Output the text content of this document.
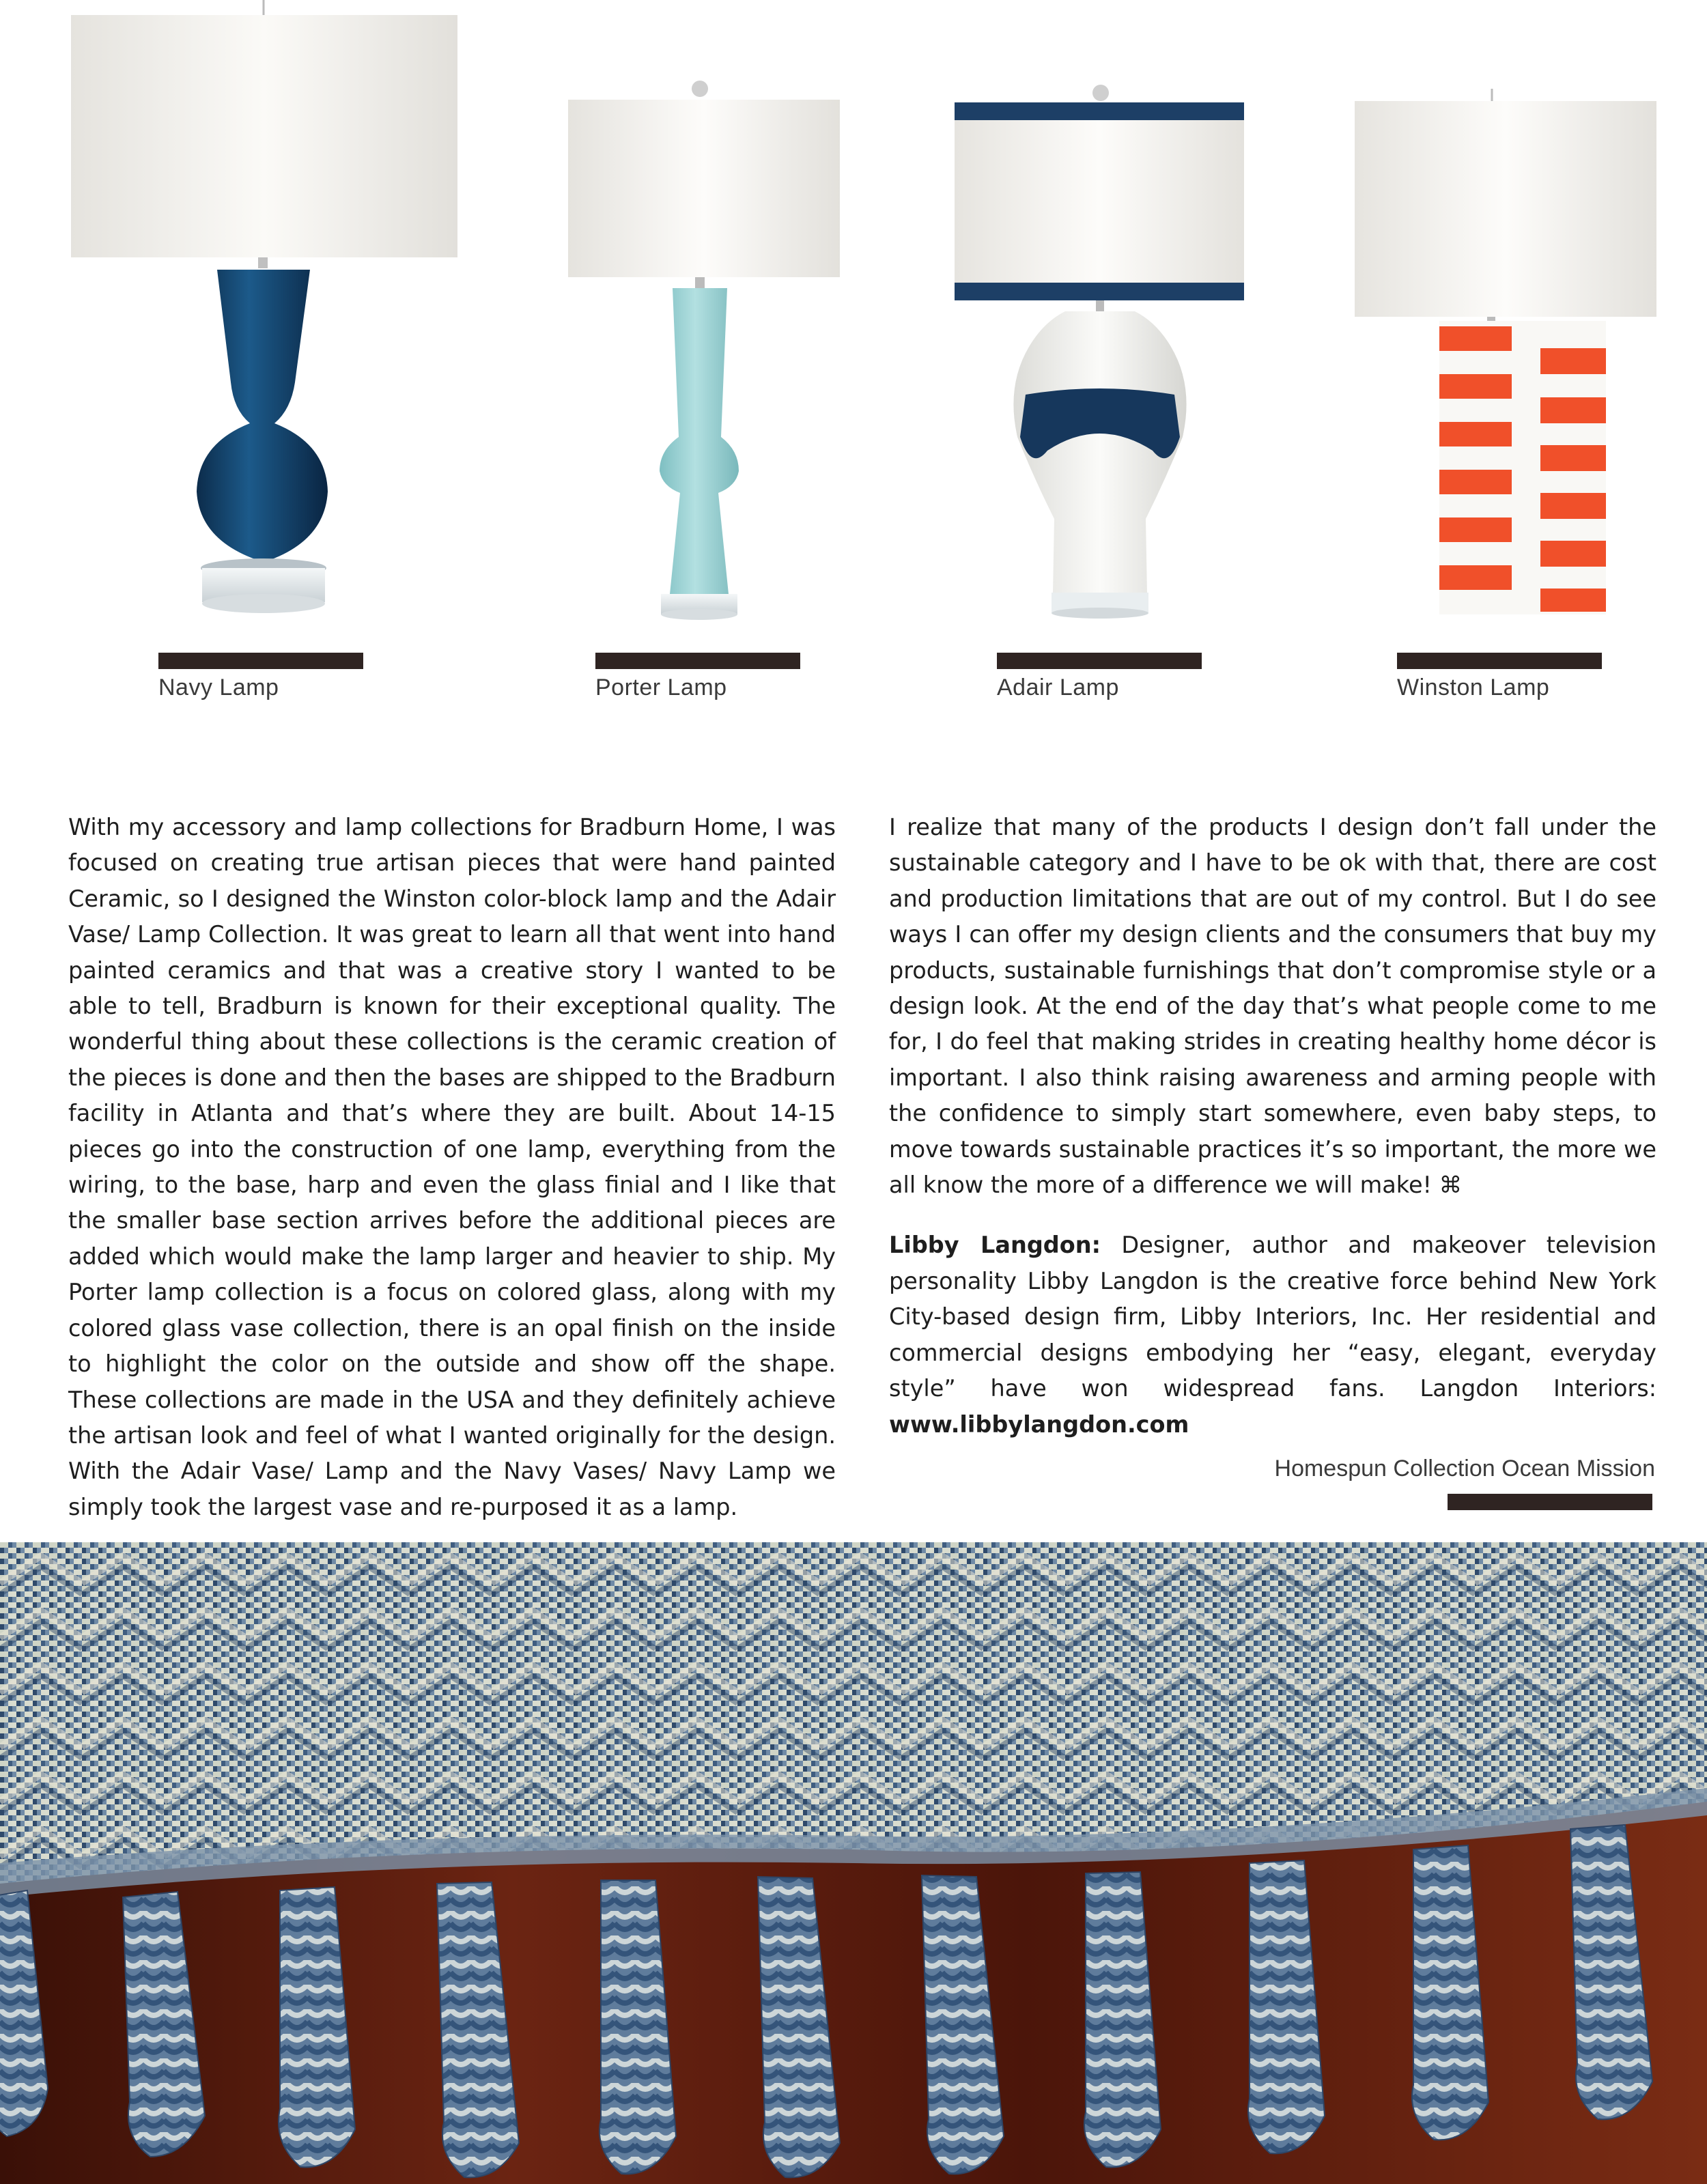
Navy Lamp	Porter Lamp	Adair Lamp	Winston Lamp

With my accessory and lamp collections for Bradburn Home, I was focused on creating true artisan pieces that were hand painted Ceramic, so I designed the Winston color-block lamp and the Adair Vase/ Lamp Collection. It was great to learn all that went into hand painted ceramics and that was a creative story I wanted to be able to tell, Bradburn is known for their exceptional quality. The wonderful thing about these collections is the ceramic creation of the pieces is done and then the bases are shipped to the Bradburn facility in Atlanta and that’s where they are built. About 14-15 pieces go into the construction of one lamp, everything from the wiring, to the base, harp and even the glass finial and I like that the smaller base section arrives before the additional pieces are added which would make the lamp larger and heavier to ship. My Porter lamp collection is a focus on colored glass, along with my colored glass vase collection, there is an opal finish on the inside to highlight the color on the outside and show off the shape. These collections are made in the USA and they definitely achieve the artisan look and feel of what I wanted originally for the design. With the Adair Vase/ Lamp and the Navy Vases/ Navy Lamp we simply took the largest vase and re-purposed it as a lamp.

I realize that many of the products I design don’t fall under the sustainable category and I have to be ok with that, there are cost and production limitations that are out of my control. But I do see ways I can offer my design clients and the consumers that buy my products, sustainable furnishings that don’t compromise style or a design look. At the end of the day that’s what people come to me for, I do feel that making strides in creating healthy home décor is important. I also think raising awareness and arming people with the confidence to simply start somewhere, even baby steps, to move towards sustainable practices it’s so important, the more we all know the more of a difference we will make! ⌘

Libby Langdon: Designer, author and makeover television personality Libby Langdon is the creative force behind New York City-based design firm, Libby Interiors, Inc. Her residential and commercial designs embodying her “easy, elegant, everyday style” have won widespread fans. Langdon Interiors: www.libbylangdon.com

Homespun Collection Ocean Mission
